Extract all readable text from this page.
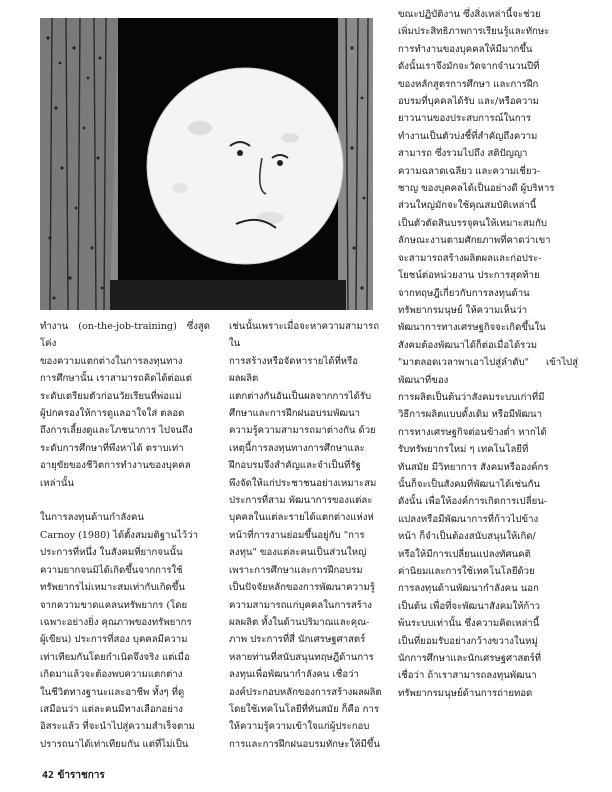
ขณะปฏิบัติงาน ซึ่งสิ่งเหล่านี้จะช่วย
เพิ่มประสิทธิภาพการเรียนรู้และทักษะ
การทำงานของบุคคลให้มีมากขึ้น
ดังนั้นเราจึงมักจะวัดจากจำนวนปีที่
ของหลักสูตรการศึกษา และการฝึก
อบรมที่บุคคลได้รับ และ/หรือความ
ยาวนานของประสบการณ์ในการ
ทำงานเป็นตัวบ่งชี้ที่สำคัญถึงความ
สามารถ ซึ่งรวมไปถึง สติปัญญา
ความฉลาดเฉลียว และความเชี่ยว-
ชาญ ของบุคคลได้เป็นอย่างดี ผู้บริหาร
ส่วนใหญ่มักจะใช้คุณสมบัติเหล่านี้
เป็นตัวตัดสินบรรจุคนให้เหมาะสมกับ
ลักษณะงานตามศักยภาพที่คาดว่าเขา
จะสามารถสร้างผลิตผลและก่อประ-
โยชน์ต่อหน่วยงาน ประการสุดท้าย
จากทฤษฎีเกี่ยวกับการลงทุนด้าน
ทรัพยากรมนุษย์ ให้ความเห็นว่า
พัฒนาการทางเศรษฐกิจจะเกิดขึ้นใน
สังคมต้องพัฒนาได้ก็ต่อเมื่อได้รวม
"มาตลอดเวลาพาเอาไปสู่ลำดับ" เข้าไปสู่พัฒนาที่ของ
การผลิตเป็นต้นว่าสังคมระบบเก่าที่มี
วิธีการผลิตแบบดั้งเดิม หรือมีพัฒนา
การทางเศรษฐกิจต่อนข้างต่ำ หากได้
รับทรัพยากรใหม่ ๆ เทคโนโลยีที่
ทันสมัย มีวิทยาการ สังคมหรือองค์กร
นั้นก็จะเป็นสังคมที่พัฒนาได้เช่นกัน
ดังนั้น เพื่อให้องค์การเกิดการเปลี่ยน-
แปลงหรือมีพัฒนาการที่ก้าวไปข้าง
หน้า ก็จำเป็นต้องสนับสนุนให้เกิด/
หรือให้มีการเปลี่ยนแปลงทัศนคติ
ค่านิยมและการใช้เทคโนโลยีด้วย
การลงทุนด้านพัฒนากำลังคน นอก
เป็นต้น เพื่อที่จะพัฒนาสังคมให้ก้าว
พ้นระบบเท่านั้น ซึ่งความคิดเหล่านี้
เป็นที่ยอมรับอย่างกว้างขวางในหมู่
นักการศึกษาและนักเศรษฐศาสตร์ที่
เชื่อว่า ถ้าเราสามารถลงทุนพัฒนา
ทรัพยากรมนุษย์ด้านการถ่ายทอด
ทำงาน (on-the-job-training) ซึ่งสูดโค่ง
ของความแตกต่างในการลงทุนทาง
การศึกษานั้น เราสามารถคิดได้ต่อแต่
ระดับเตรียมตัวก่อนวัยเรียนที่พ่อแม่
ผู้ปกครองให้การดูแลอาใจใส่ ตลอด
ถึงการเลี้ยงดูและโภชนาการ ไปจนถึง
ระดับการศึกษาที่พึงหาได้ ตราบเท่า
อายุขัยของชีวิตการทำงานของบุคคล
เหล่านั้น

ในการลงทุนด้านกำลังคน
Carnoy (1980) ได้ตั้งสมมติฐานไว้ว่า
ประการที่หนึ่ง ในสังคมที่ยากจนนั้น
ความยากจนมิได้เกิดขึ้นจากการใช้
ทรัพยากรไม่เหมาะสมเท่ากับเกิดขึ้น
จากความขาดแคลนทรัพยากร (โดย
เฉพาะอย่างยิ่ง คุณภาพของทรัพยากร
ผู้เขียน) ประการที่สอง บุคคลมีความ
เท่าเทียมกันโดยกำเนิดจึงจริง แต่เมื่อ
เกิดมาแล้วจะต้องพบความแตกต่าง
ในชีวิตทางฐานะและอาชีพ ทั้งๆ ที่ดู
เสมือนว่า แต่ละคนมีทางเลือกอย่าง
อิสระแล้ว ที่จะนำไปสู่ความสำเร็จตาม
ปรารถนาได้เท่าเทียมกัน แต่ที่ไม่เป็น
เช่นนั้นเพราะเมื่อจะหาความสามารถใน
การสร้างหรือจัดหารายได้ที่หรือผลผลิต
แตกต่างกันอันเป็นผลจากการได้รับ
ศึกษาและการฝึกฝนอบรมพัฒนา
ความรู้ความสามารถมาต่างกัน ด้วย
เหตุนี้การลงทุนทางการศึกษาและ
ฝึกอบรมจึงสำคัญและจำเป็นที่รัฐ
พึงจัดให้แก่ประชาชนอย่างเหมาะสม
ประการที่สาม พัฒนาการของแต่ละ
บุคคลในแต่ละรายได้แตกต่างแห่งห่
หน้าที่การงานย่อมขึ้นอยู่กับ "การ
ลงทุน" ของแต่ละคนเป็นส่วนใหญ่
เพราะการศึกษาและการฝึกอบรม
เป็นปัจจัยหลักของการพัฒนาความรู้
ความสามารถแก่บุคคลในการสร้าง
ผลผลิต ทั้งในด้านปริมาณและคุณ-
ภาพ ประการที่สี่ นักเศรษฐศาสตร์
หลายท่านที่สนับสนุนทฤษฎีด้านการ
ลงทุนเพื่อพัฒนากำลังคน เชื่อว่า
องค์ประกอบหลักของการสร้างผลผลิต
โดยใช้เทคโนโลยีที่ทันสมัย ก็คือ การ
ให้ความรู้ความเข้าใจแก่ผู้ประกอบ
การและการฝึกฝนอบรมทักษะให้มีขึ้น
42 ข้าราชการ
